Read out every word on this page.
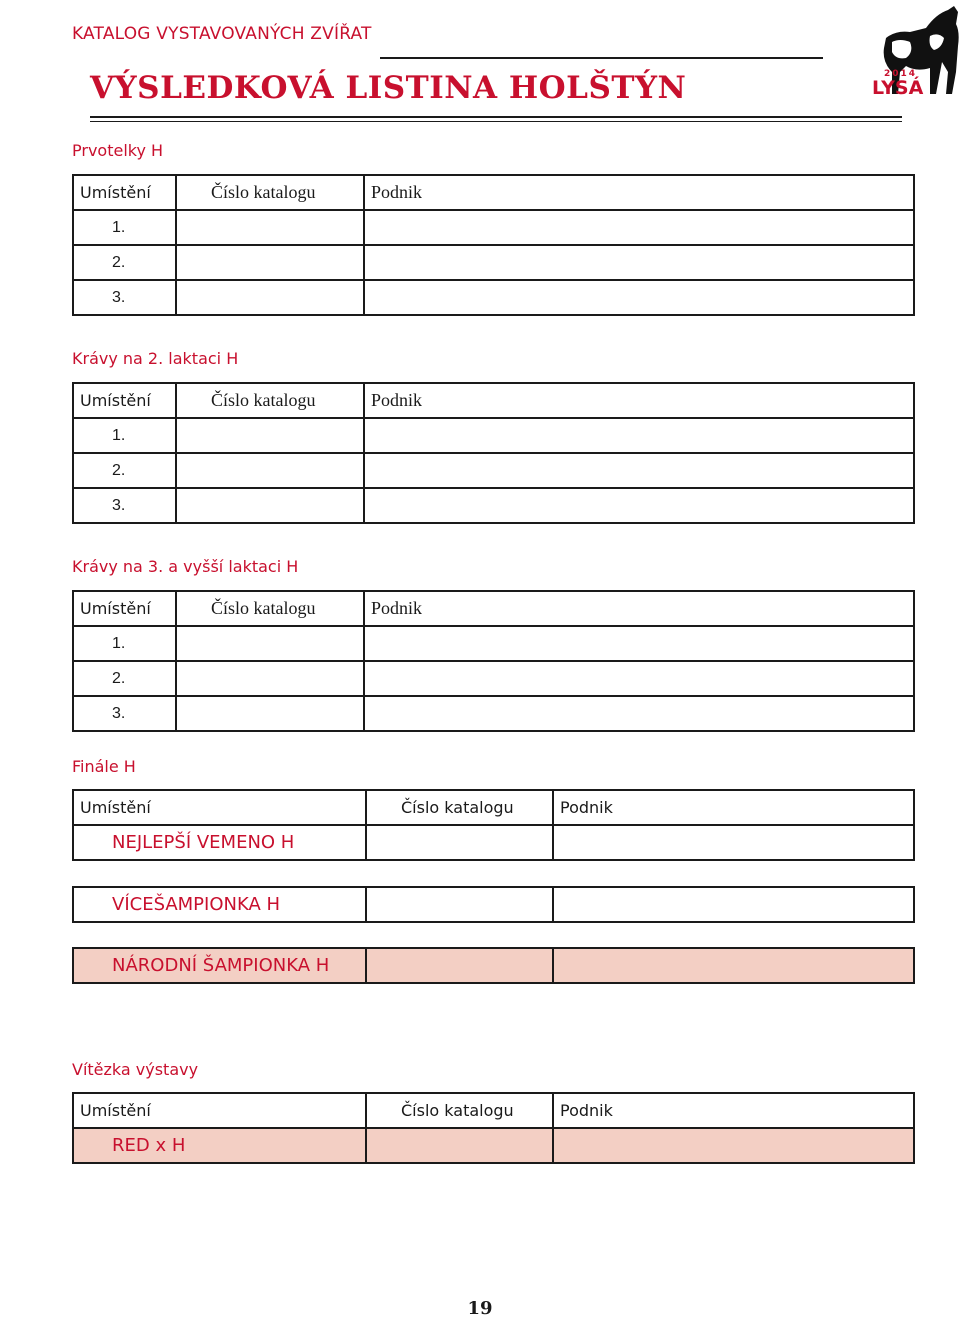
KATALOG VYSTAVOVANÝCH ZVÍŘAT
VÝSLEDKOVÁ LISTINA HOLŠTÝN	2014
LYSÁ
Prvotelky H
Umístění	Číslo katalogu	Podnik
1.		
2.		
3.		
Krávy na 2. laktaci H
Umístění	Číslo katalogu	Podnik
1.		
2.		
3.		
Krávy na 3. a vyšší laktaci H
Umístění	Číslo katalogu	Podnik
1.		
2.		
3.		
Finále H
Umístění	Číslo katalogu	Podnik
NEJLEPŠÍ VEMENO H		
VÍCEŠAMPIONKA H		
NÁRODNÍ ŠAMPIONKA H		
Vítězka výstavy
Umístění	Číslo katalogu	Podnik
RED x H		
19
